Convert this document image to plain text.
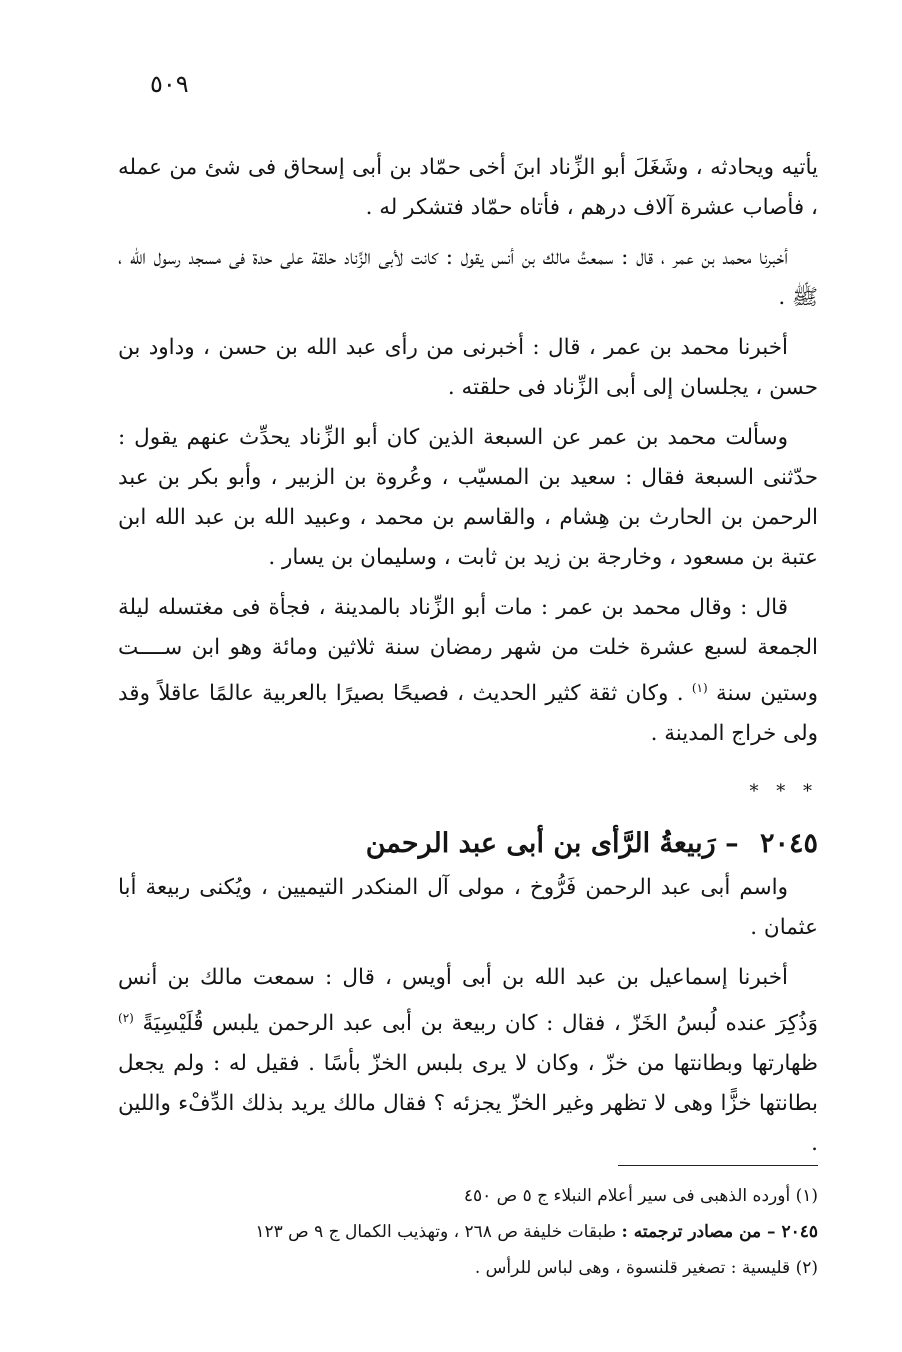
٥٠٩

يأتيه ويحادثه ، وشَغَلَ أبو الزِّناد ابنَ أخى حمّاد بن أبى إسحاق فى شئ من عمله ، فأصاب عشرة آلاف درهم ، فأتاه حمّاد فتشكر له .

أخبرنا محمد بن عمر ، قال : سمعتُ مالك بن أنس يقول : كانت لأبى الزِّناد حلقة على حدة فى مسجد رسول الله ، ﷺ .

أخبرنا محمد بن عمر ، قال : أخبرنى من رأى عبد الله بن حسن ، وداود بن حسن ، يجلسان إلى أبى الزِّناد فى حلقته .

وسألت محمد بن عمر عن السبعة الذين كان أبو الزِّناد يحدِّث عنهم يقول : حدّثنى السبعة فقال : سعيد بن المسيّب ، وعُروة بن الزبير ، وأبو بكر بن عبد الرحمن بن الحارث بن هِشام ، والقاسم بن محمد ، وعبيد الله بن عبد الله ابن عتبة بن مسعود ، وخارجة بن زيد بن ثابت ، وسليمان بن يسار .

قال : وقال محمد بن عمر : مات أبو الزِّناد بالمدينة ، فجأة فى مغتسله ليلة الجمعة لسبع عشرة خلت من شهر رمضان سنة ثلاثين ومائة وهو ابن ســــت وستين سنة $^{(١)}$ . وكان ثقة كثير الحديث ، فصيحًا بصيرًا بالعربية عالمًا عاقلاً وقد ولى خراج المدينة .

* * *
٢٠٤٥ – رَبيعةُ الرَّأى بن أبى عبد الرحمن

واسم أبى عبد الرحمن فَرُّوخ ، مولى آل المنكدر التيميين ، ويُكنى ربيعة أبا عثمان .

أخبرنا إسماعيل بن عبد الله بن أبى أويس ، قال : سمعت مالك بن أنس وَذُكِرَ عنده لُبسُ الخَزّ ، فقال : كان ربيعة بن أبى عبد الرحمن يلبس قُلَيْسِيَةً $^{(٢)}$ ظهارتها وبطانتها من خزّ ، وكان لا يرى بلبس الخزّ بأسًا . فقيل له : ولم يجعل بطانتها خزًّا وهى لا تظهر وغير الخزّ يجزئه ؟ فقال مالك يريد بذلك الدِّفْء واللين .

(١) أورده الذهبى فى سير أعلام النبلاء ج ٥ ص ٤٥٠

٢٠٤٥ – من مصادر ترجمته : طبقات خليفة ص ٢٦٨ ، وتهذيب الكمال ج ٩ ص ١٢٣

(٢) قليسية : تصغير قلنسوة ، وهى لباس للرأس .
